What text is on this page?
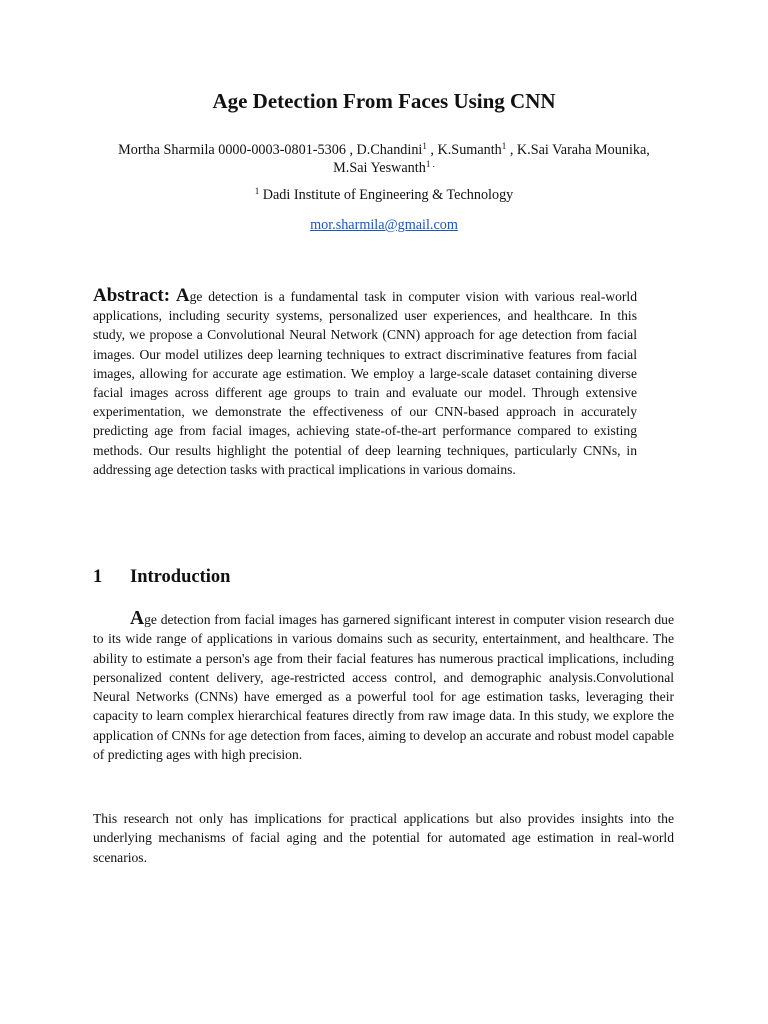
Age Detection From Faces Using CNN
Mortha Sharmila 0000-0003-0801-5306 , D.Chandini$^1$ , K.Sumanth$^1$ , K.Sai Varaha Mounika,
M.Sai Yeswanth$^{1 .}$
$^1$ Dadi Institute of Engineering & Technology
mor.sharmila@gmail.com
Abstract: Age detection is a fundamental task in computer vision with various real-world applications, including security systems, personalized user experiences, and healthcare. In this study, we propose a Convolutional Neural Network (CNN) approach for age detection from facial images. Our model utilizes deep learning techniques to extract discriminative features from facial images, allowing for accurate age estimation. We employ a large-scale dataset containing diverse facial images across different age groups to train and evaluate our model. Through extensive experimentation, we demonstrate the effectiveness of our CNN-based approach in accurately predicting age from facial images, achieving state-of-the-art performance compared to existing methods. Our results highlight the potential of deep learning techniques, particularly CNNs, in addressing age detection tasks with practical implications in various domains.
1 Introduction
Age detection from facial images has garnered significant interest in computer vision research due to its wide range of applications in various domains such as security, entertainment, and healthcare. The ability to estimate a person's age from their facial features has numerous practical implications, including personalized content delivery, age-restricted access control, and demographic analysis.Convolutional Neural Networks (CNNs) have emerged as a powerful tool for age estimation tasks, leveraging their capacity to learn complex hierarchical features directly from raw image data. In this study, we explore the application of CNNs for age detection from faces, aiming to develop an accurate and robust model capable of predicting ages with high precision.
This research not only has implications for practical applications but also provides insights into the underlying mechanisms of facial aging and the potential for automated age estimation in real-world scenarios.
